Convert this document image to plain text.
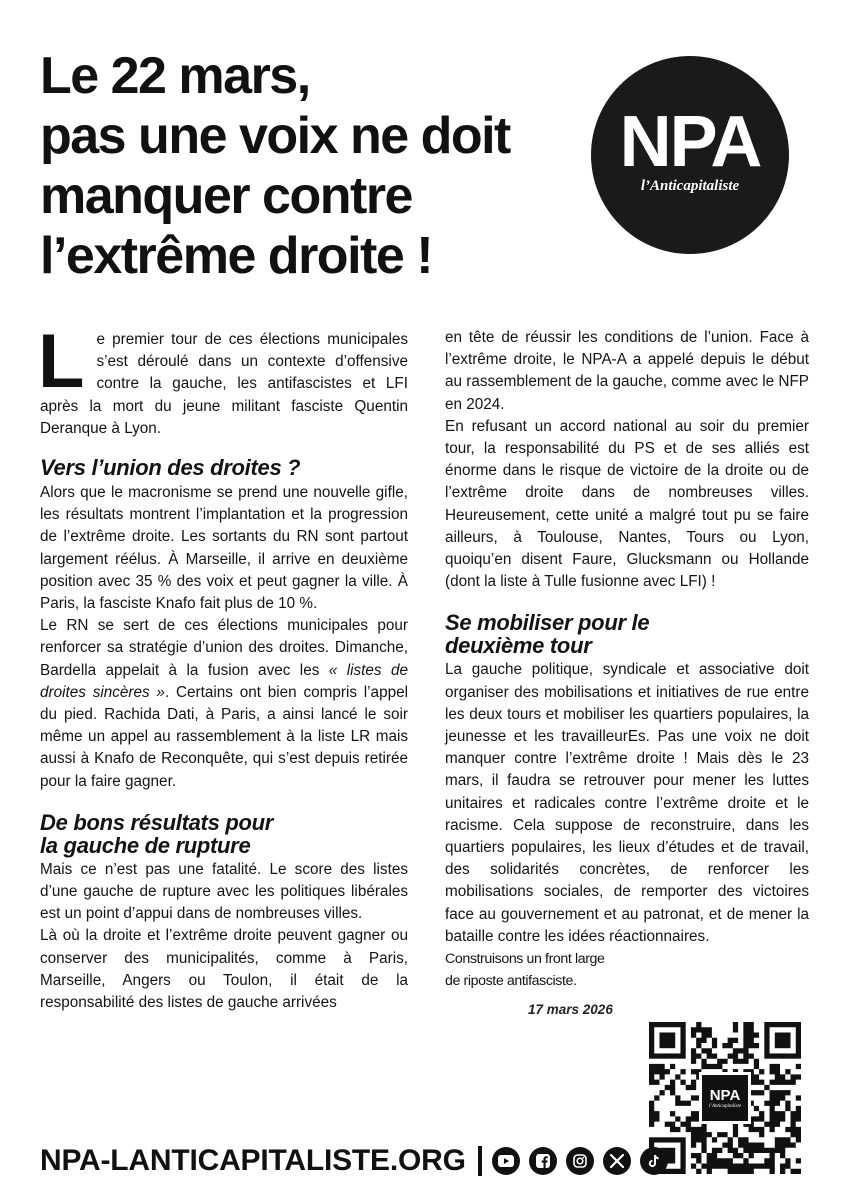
Le 22 mars,
pas une voix ne doit
manquer contre
l’extrême droite !
NPA
l’Anticapitaliste

Le premier tour de ces élections municipales s’est déroulé dans un contexte d’offensive contre la gauche, les antifascistes et LFI après la mort du jeune militant fasciste Quentin Deranque à Lyon.

Vers l’union des droites ?

Alors que le macronisme se prend une nouvelle gifle, les résultats montrent l’implantation et la progression de l’extrême droite. Les sortants du RN sont partout largement réélus. À Marseille, il arrive en deuxième position avec 35 % des voix et peut gagner la ville. À Paris, la fasciste Knafo fait plus de 10 %.

Le RN se sert de ces élections municipales pour renforcer sa stratégie d’union des droites. Dimanche, Bardella appelait à la fusion avec les « listes de droites sincères ». Certains ont bien compris l’appel du pied. Rachida Dati, à Paris, a ainsi lancé le soir même un appel au rassemblement à la liste LR mais aussi à Knafo de Reconquête, qui s’est depuis retirée pour la faire gagner.

De bons résultats pour
la gauche de rupture

Mais ce n’est pas une fatalité. Le score des listes d’une gauche de rupture avec les politiques libérales est un point d’appui dans de nombreuses villes.

Là où la droite et l’extrême droite peuvent gagner ou conserver des municipalités, comme à Paris, Marseille, Angers ou Toulon, il était de la responsabilité des listes de gauche arrivées

en tête de réussir les conditions de l’union. Face à l’extrême droite, le NPA-A a appelé depuis le début au rassemblement de la gauche, comme avec le NFP en 2024.

En refusant un accord national au soir du premier tour, la responsabilité du PS et de ses alliés est énorme dans le risque de victoire de la droite ou de l’extrême droite dans de nombreuses villes. Heureusement, cette unité a malgré tout pu se faire ailleurs, à Toulouse, Nantes, Tours ou Lyon, quoiqu’en disent Faure, Glucksmann ou Hollande (dont la liste à Tulle fusionne avec LFI) !

Se mobiliser pour le
deuxième tour

La gauche politique, syndicale et associative doit organiser des mobilisations et initiatives de rue entre les deux tours et mobiliser les quartiers populaires, la jeunesse et les travailleurEs. Pas une voix ne doit manquer contre l’extrême droite ! Mais dès le 23 mars, il faudra se retrouver pour mener les luttes unitaires et radicales contre l’extrême droite et le racisme. Cela suppose de reconstruire, dans les quartiers populaires, les lieux d’études et de travail, des solidarités concrètes, de renforcer les mobilisations sociales, de remporter des victoires face au gouvernement et au patronat, et de mener la bataille contre les idées réactionnaires.

Construisons un front large
de riposte antifasciste.
17 mars 2026
NPA
l’Anticapitaliste
NPA-LANTICAPITALISTE.ORG
